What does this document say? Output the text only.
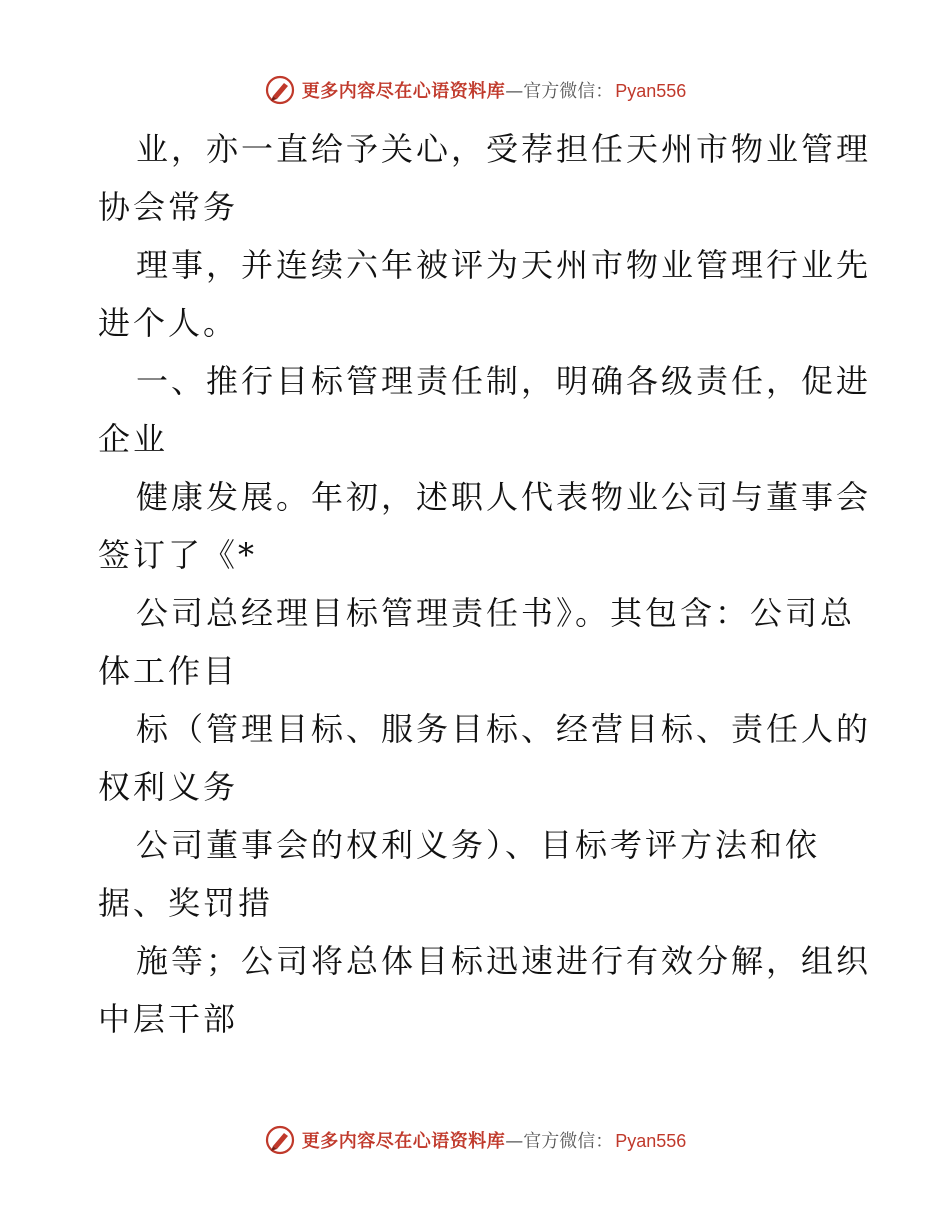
更多内容尽在心语资料库 —官方微信： Pyan556

业，亦一直给予关心，受荐担任天州市物业管理
协会常务

理事，并连续六年被评为天州市物业管理行业先
进个人。

一、推行目标管理责任制，明确各级责任，促进
企业

健康发展。年初，述职人代表物业公司与董事会
签订了《*

公司总经理目标管理责任书》。其包含：公司总
体工作目

标（管理目标、服务目标、经营目标、责任人的
权利义务

公司董事会的权利义务）、目标考评方法和依
据、奖罚措

施等；公司将总体目标迅速进行有效分解，组织
中层干部

更多内容尽在心语资料库 —官方微信： Pyan556
